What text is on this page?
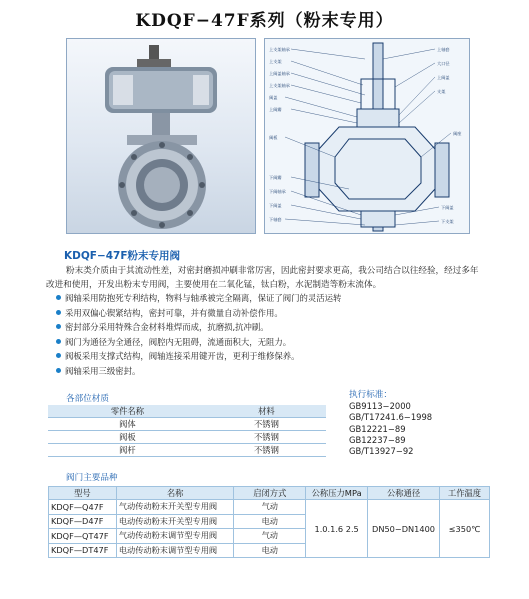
KDQF−47F系列（粉末专用）
上支架轴承
上支架
上阀盖轴承
上支架轴承
阀盖
上阀瓣
阀板
下阀瓣
下阀轴承
下阀盖
下轴套
上轴套
大口径
上阀盖
支架
阀座
下阀盖
下支架
KDQF−47F粉末专用阀

粉末类介质由于其流动性差，对密封磨损冲刷非常厉害，因此密封要求更高，我公司结合以往经验，经过多年改进和使用，开发出粉末专用阀，主要使用在二氧化锰，钛白粉，水泥制造等粉末流体。

阀轴采用防抱死专利结构，物料与轴承被完全隔离，保证了阀门的灵活运转
采用双偏心锲紧结构，密封可靠，并有微量自动补偿作用。
密封部分采用特殊合金材料堆焊而成，抗磨损,抗冲刷。
阀门为通径为全通径，阀腔内无阻碍，流通面积大，无阻力。
阀板采用支撑式结构，阀轴连接采用键开齿，更利于维修保养。
阀轴采用三级密封。
各部位材质
零件名称	材料
阀体	不锈钢
阀板	不锈钢
阀杆	不锈钢
执行标准：
GB9113−2000
GB/T17241.6−1998
GB12221−89
GB12237−89
GB/T13927−92
阀门主要品种
型号	名称	启闭方式	公称压力MPa	公称通径	工作温度
KDQF—Q47F	气动传动粉末开关型专用阀	气动	1.0.1.6 2.5	DN50−DN1400	≤350℃
KDQF—D47F	电动传动粉末开关型专用阀	电动			
KDQF—QT47F	气动传动粉末调节型专用阀	气动			
KDQF—DT47F	电动传动粉末调节型专用阀	电动			
